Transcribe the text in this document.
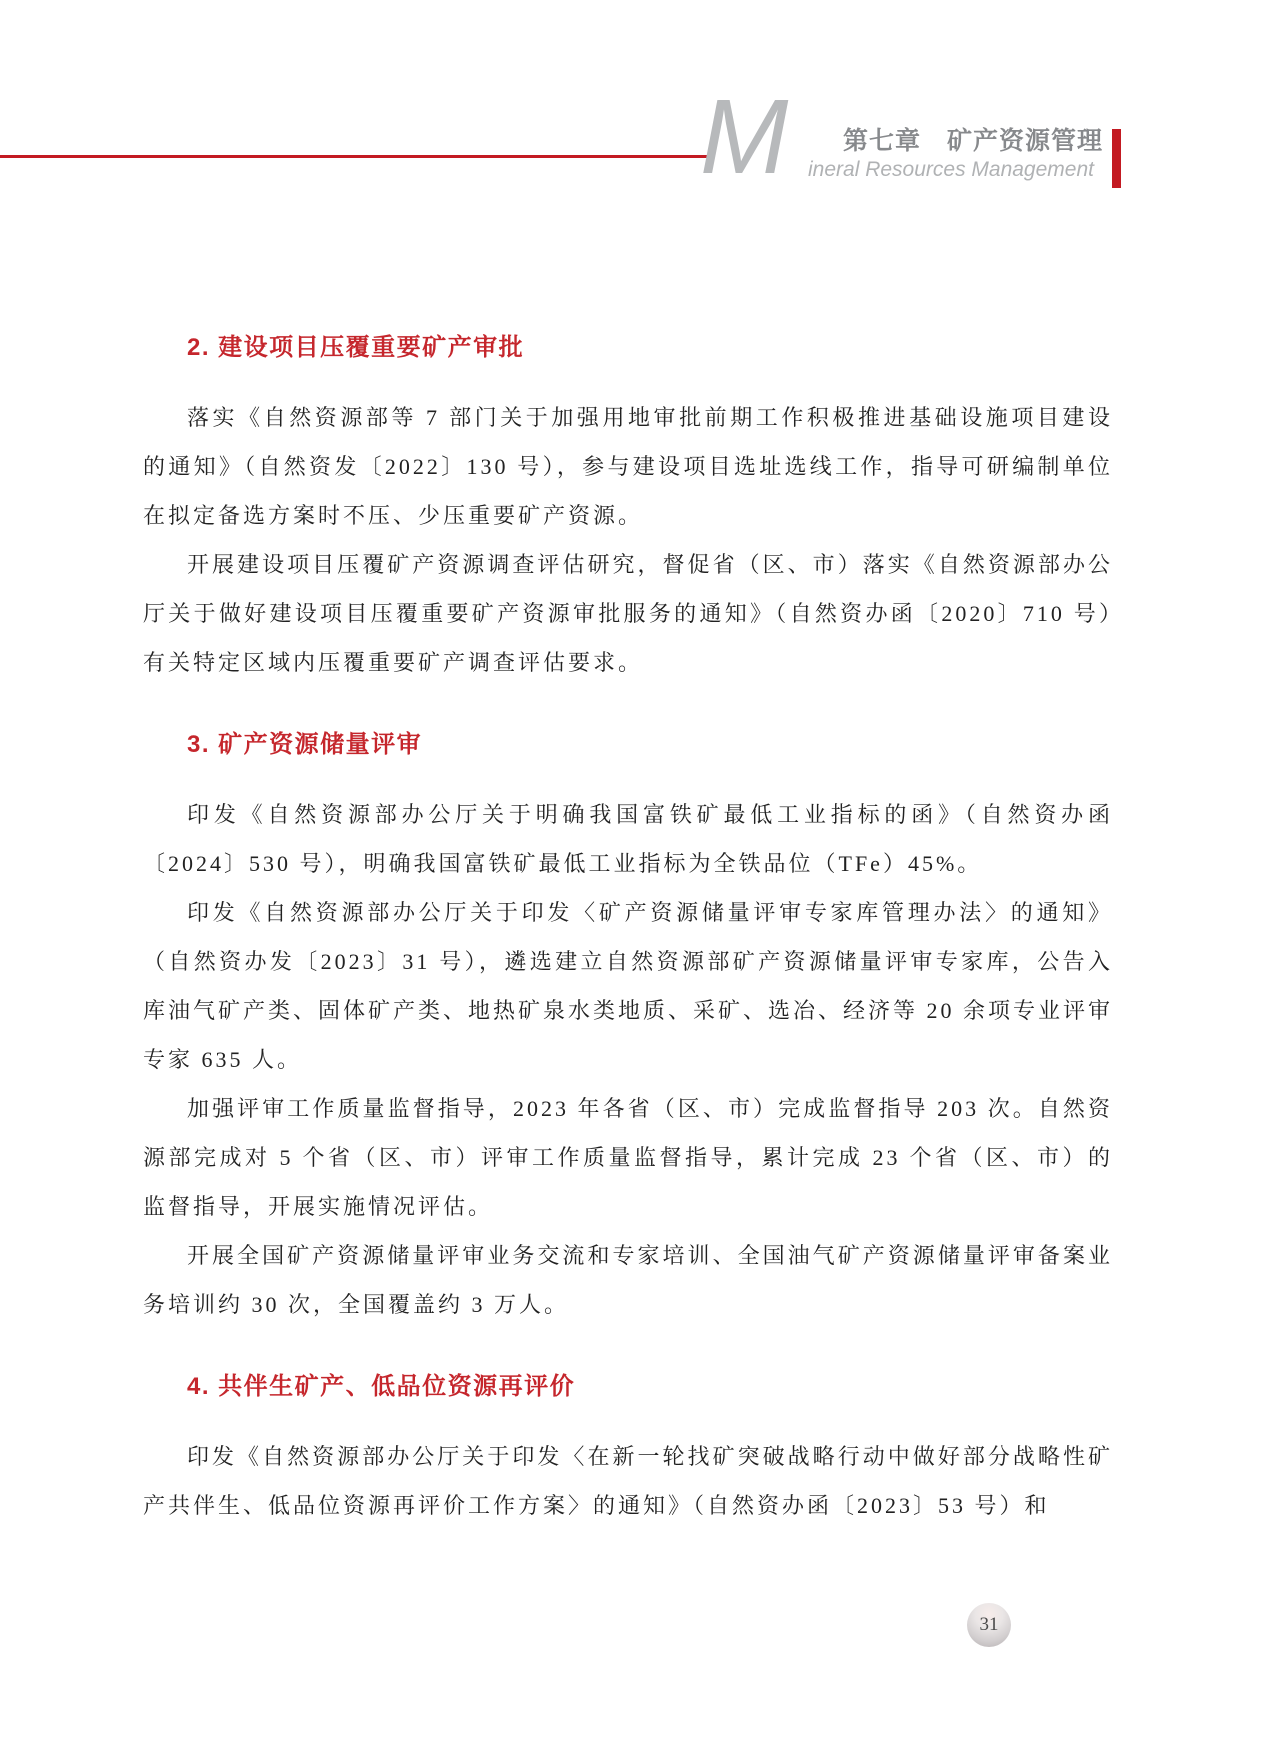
M 第七章　矿产资源管理
ineral Resources Management
2. 建设项目压覆重要矿产审批

落实《自然资源部等 7 部门关于加强用地审批前期工作积极推进基础设施项目建设的通知》（自然资发〔2022〕130 号），参与建设项目选址选线工作，指导可研编制单位在拟定备选方案时不压、少压重要矿产资源。

开展建设项目压覆矿产资源调查评估研究，督促省（区、市）落实《自然资源部办公厅关于做好建设项目压覆重要矿产资源审批服务的通知》（自然资办函〔2020〕710 号）有关特定区域内压覆重要矿产调查评估要求。

3. 矿产资源储量评审

印发《自然资源部办公厅关于明确我国富铁矿最低工业指标的函》（自然资办函〔2024〕530 号），明确我国富铁矿最低工业指标为全铁品位（TFe）45%。

印发《自然资源部办公厅关于印发〈矿产资源储量评审专家库管理办法〉的通知》（自然资办发〔2023〕31 号），遴选建立自然资源部矿产资源储量评审专家库，公告入库油气矿产类、固体矿产类、地热矿泉水类地质、采矿、选冶、经济等 20 余项专业评审专家 635 人。

加强评审工作质量监督指导，2023 年各省（区、市）完成监督指导 203 次。自然资源部完成对 5 个省（区、市）评审工作质量监督指导，累计完成 23 个省（区、市）的监督指导，开展实施情况评估。

开展全国矿产资源储量评审业务交流和专家培训、全国油气矿产资源储量评审备案业务培训约 30 次，全国覆盖约 3 万人。

4. 共伴生矿产、低品位资源再评价

印发《自然资源部办公厅关于印发〈在新一轮找矿突破战略行动中做好部分战略性矿产共伴生、低品位资源再评价工作方案〉的通知》（自然资办函〔2023〕53 号）和

31
